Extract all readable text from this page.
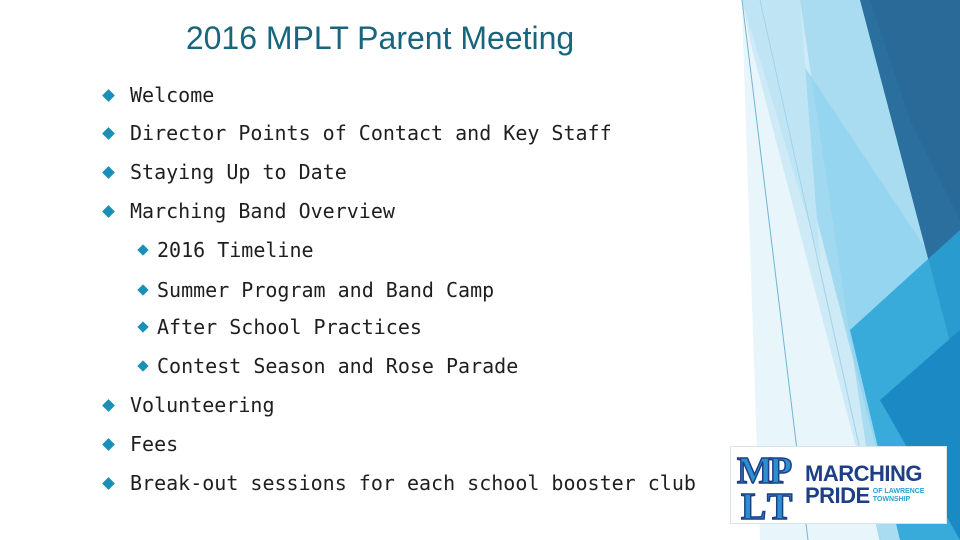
2016 MPLT Parent Meeting
Welcome
Director Points of Contact and Key Staff
Staying Up to Date
Marching Band Overview
2016 Timeline
Summer Program and Band Camp
After School Practices
Contest Season and Rose Parade
Volunteering
Fees
Break-out sessions for each school booster club M
P
L T
MARCHING
PRIDE OF LAWRENCE
TOWNSHIP
